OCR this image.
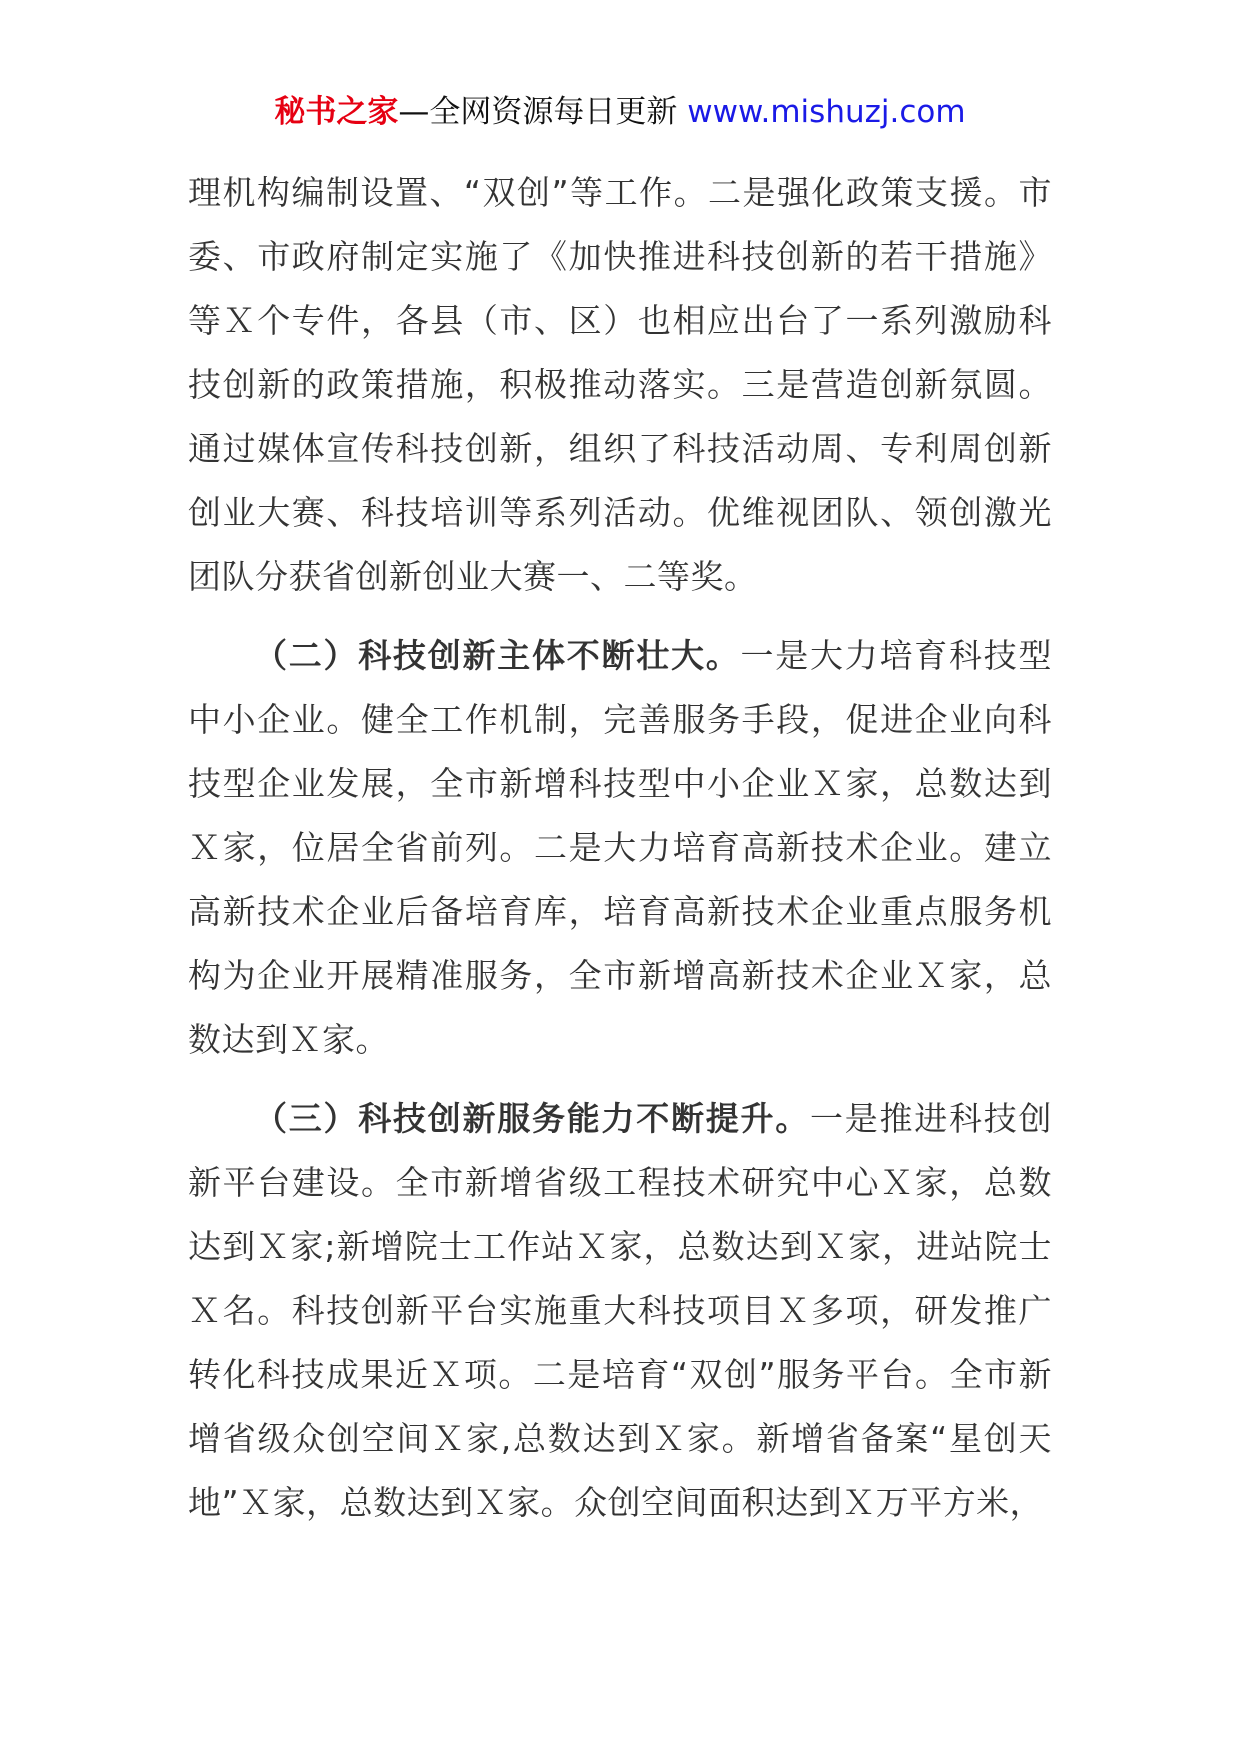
秘书之家—全网资源每日更新 www.mishuzj.com

理机构编制设置、“双创”等工作。二是强化政策支援。市委、市政府制定实施了《加快推进科技创新的若干措施》等Ｘ个专件，各县（市、区）也相应出台了一系列激励科技创新的政策措施，积极推动落实。三是营造创新氛圆。通过媒体宣传科技创新，组织了科技活动周、专利周创新创业大赛、科技培训等系列活动。优维视团队、领创激光团队分获省创新创业大赛一、二等奖。

（二）科技创新主体不断壮大。一是大力培育科技型中小企业。健全工作机制，完善服务手段，促进企业向科技型企业发展，全市新增科技型中小企业Ｘ家，总数达到Ｘ家，位居全省前列。二是大力培育高新技术企业。建立高新技术企业后备培育库，培育高新技术企业重点服务机构为企业开展精准服务，全市新增高新技术企业Ｘ家，总数达到Ｘ家。

（三）科技创新服务能力不断提升。一是推进科技创新平台建设。全市新增省级工程技术研究中心Ｘ家，总数达到Ｘ家;新增院士工作站Ｘ家，总数达到Ｘ家，进站院士Ｘ名。科技创新平台实施重大科技项目Ｘ多项，研发推广转化科技成果近Ｘ项。二是培育“双创”服务平台。全市新增省级众创空间Ｘ家,总数达到Ｘ家。新增省备案“星创天地”Ｘ家，总数达到Ｘ家。众创空间面积达到Ｘ万平方米，
